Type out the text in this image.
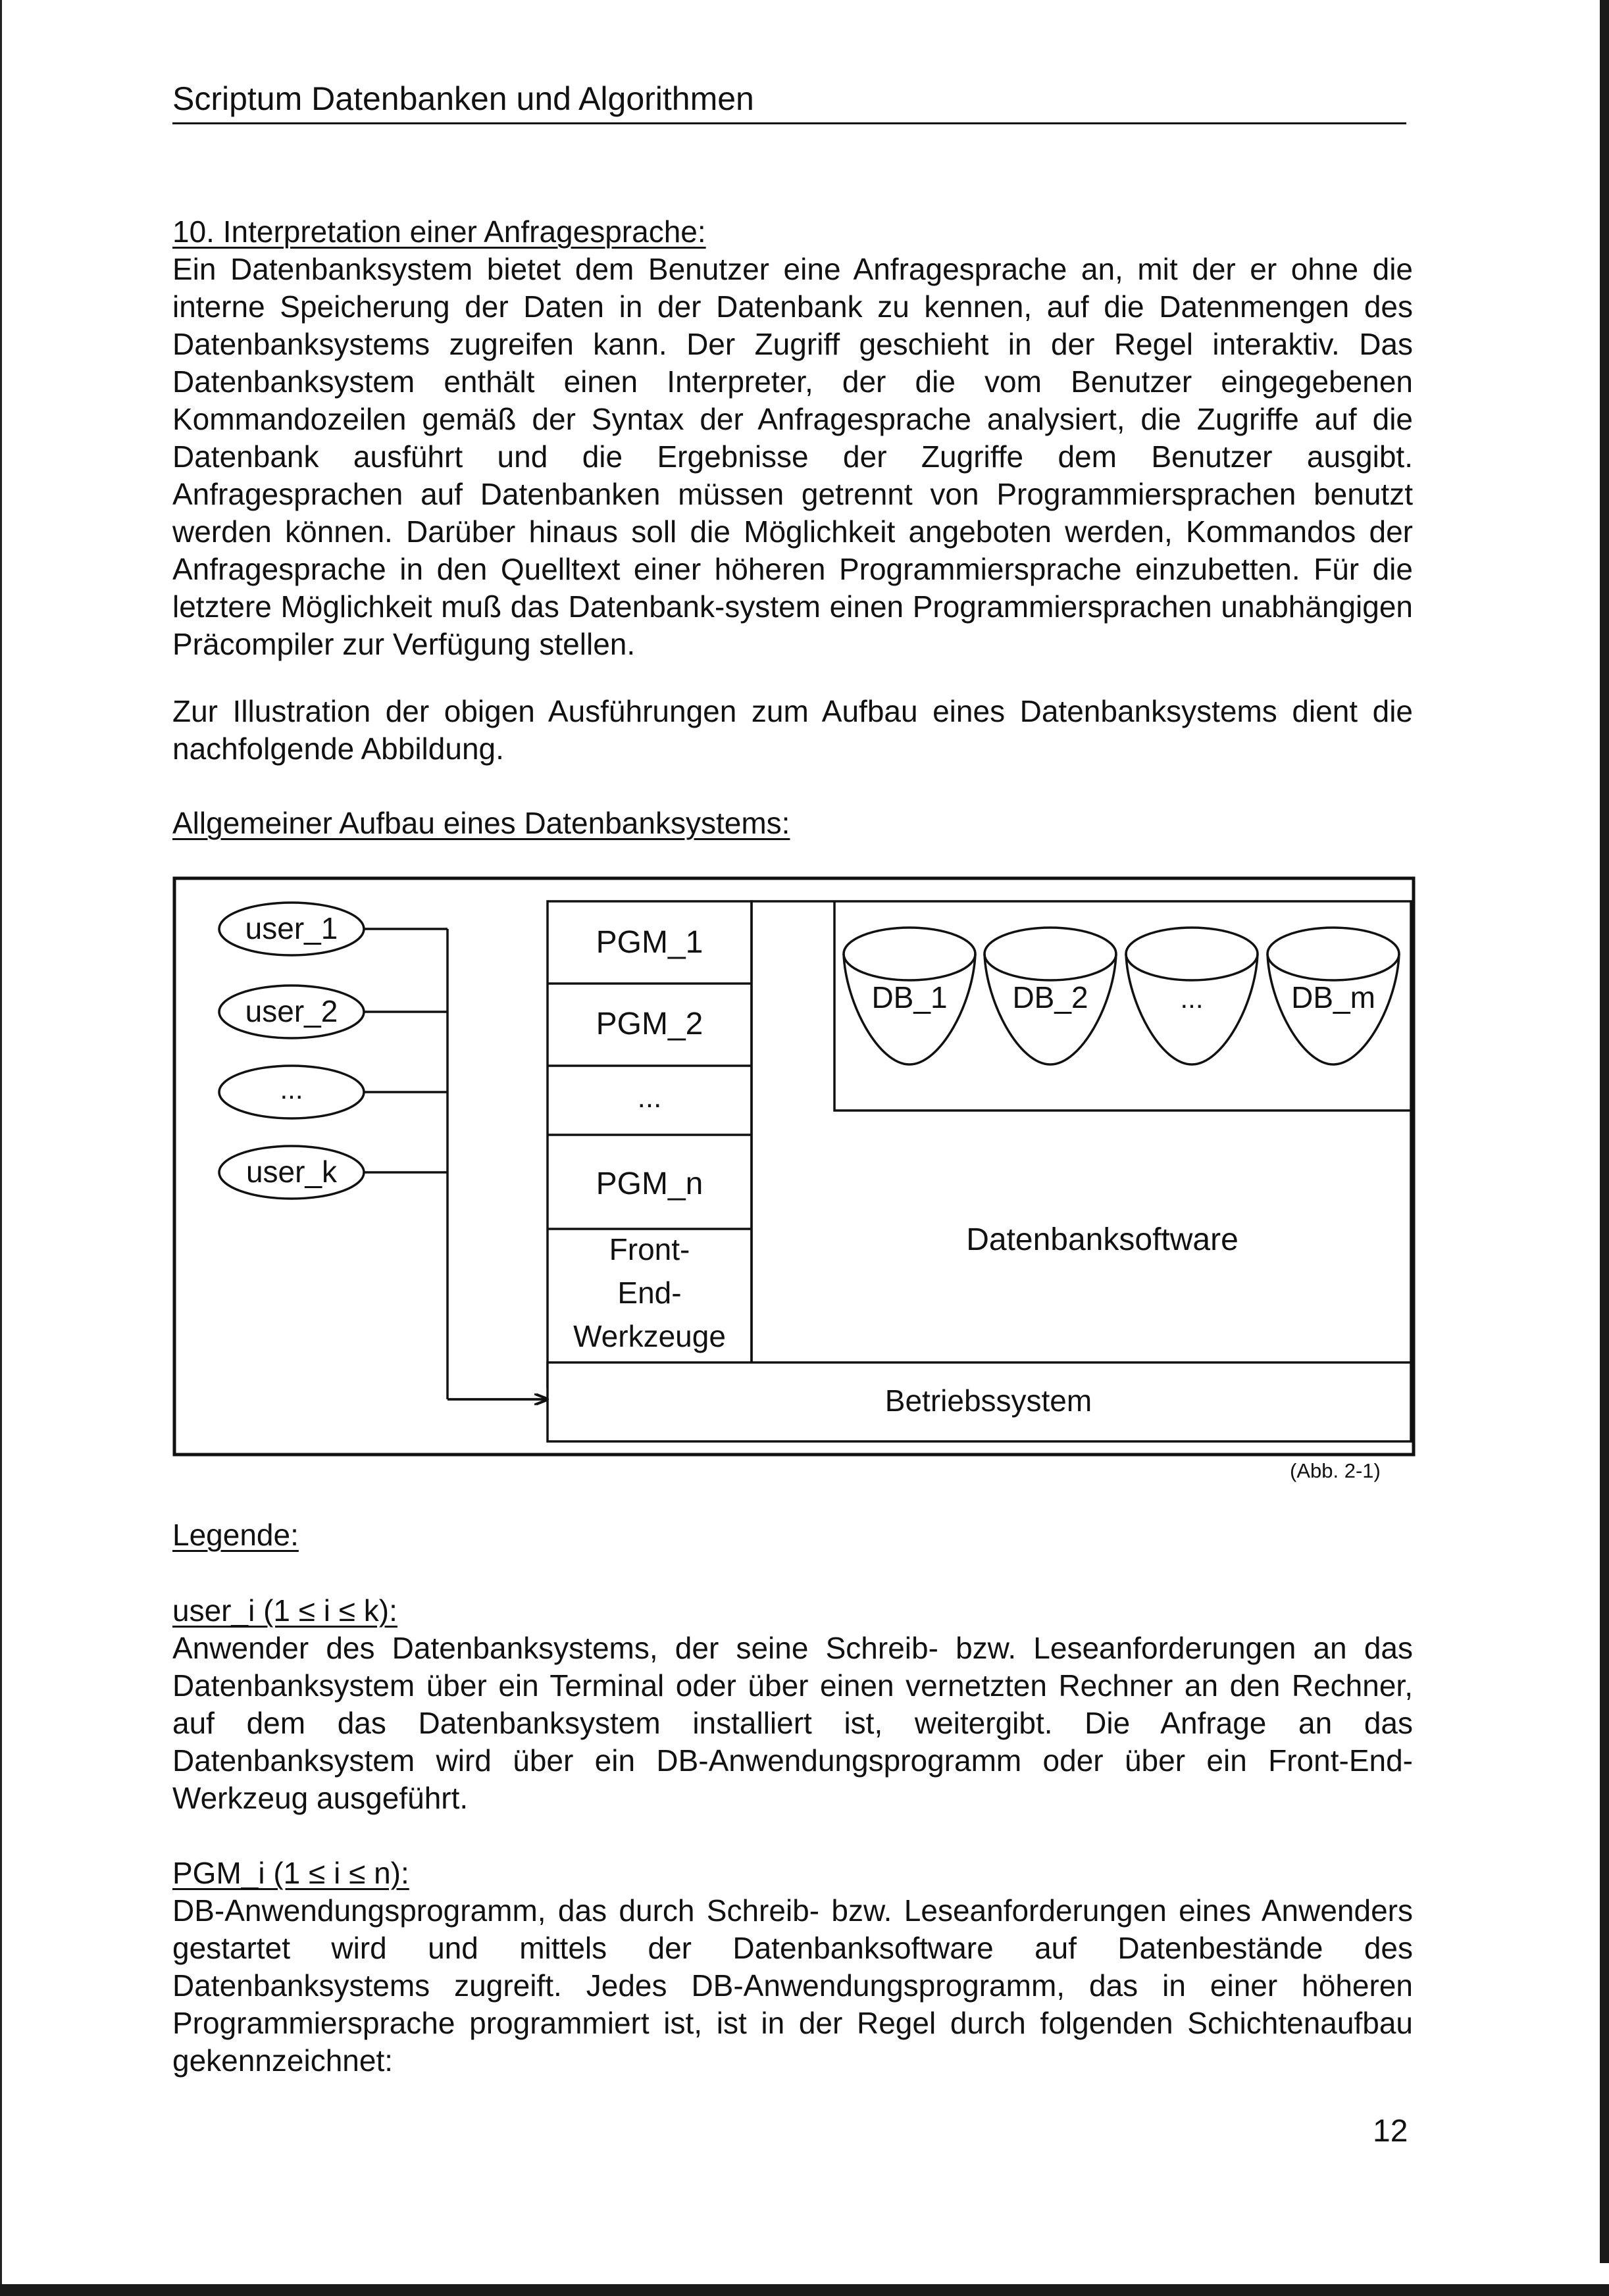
Scriptum Datenbanken und Algorithmen

10. Interpretation einer Anfragesprache:

Ein Datenbanksystem bietet dem Benutzer eine Anfragesprache an, mit der er ohne die interne Speicherung der Daten in der Datenbank zu kennen, auf die Datenmengen des Datenbanksystems zugreifen kann. Der Zugriff geschieht in der Regel interaktiv. Das Datenbanksystem enthält einen Interpreter, der die vom Benutzer eingegebenen Kommandozeilen gemäß der Syntax der Anfragesprache analysiert, die Zugriffe auf die Datenbank ausführt und die Ergebnisse der Zugriffe dem Benutzer ausgibt. Anfragesprachen auf Datenbanken müssen getrennt von Programmiersprachen benutzt werden können. Darüber hinaus soll die Möglichkeit angeboten werden, Kommandos der Anfragesprache in den Quelltext einer höheren Programmiersprache einzubetten. Für die letztere Möglichkeit muß das Datenbank-system einen Programmiersprachen unabhängigen Präcompiler zur Verfügung stellen.

Zur Illustration der obigen Ausführungen zum Aufbau eines Datenbanksystems dient die nachfolgende Abbildung.

Allgemeiner Aufbau eines Datenbanksystems:

user_1
user_2
...
user_k
PGM_1
PGM_2
...
PGM_n
Front-
End-
Werkzeuge
Datenbanksoftware
DB_1 DB_2	...	DB_m
Betriebssystem
(Abb. 2-1)

Legende:

user_i (1 ≤ i ≤ k):

Anwender des Datenbanksystems, der seine Schreib- bzw. Leseanforderungen an das Datenbanksystem über ein Terminal oder über einen vernetzten Rechner an den Rechner, auf dem das Datenbanksystem installiert ist, weitergibt. Die Anfrage an das Datenbanksystem wird über ein DB-Anwendungsprogramm oder über ein Front-End-Werkzeug ausgeführt.

PGM_i (1 ≤ i ≤ n):

DB-Anwendungsprogramm, das durch Schreib- bzw. Leseanforderungen eines Anwenders gestartet wird und mittels der Datenbanksoftware auf Datenbestände des Datenbanksystems zugreift. Jedes DB-Anwendungsprogramm, das in einer höheren Programmiersprache programmiert ist, ist in der Regel durch folgenden Schichtenaufbau gekennzeichnet:

12
